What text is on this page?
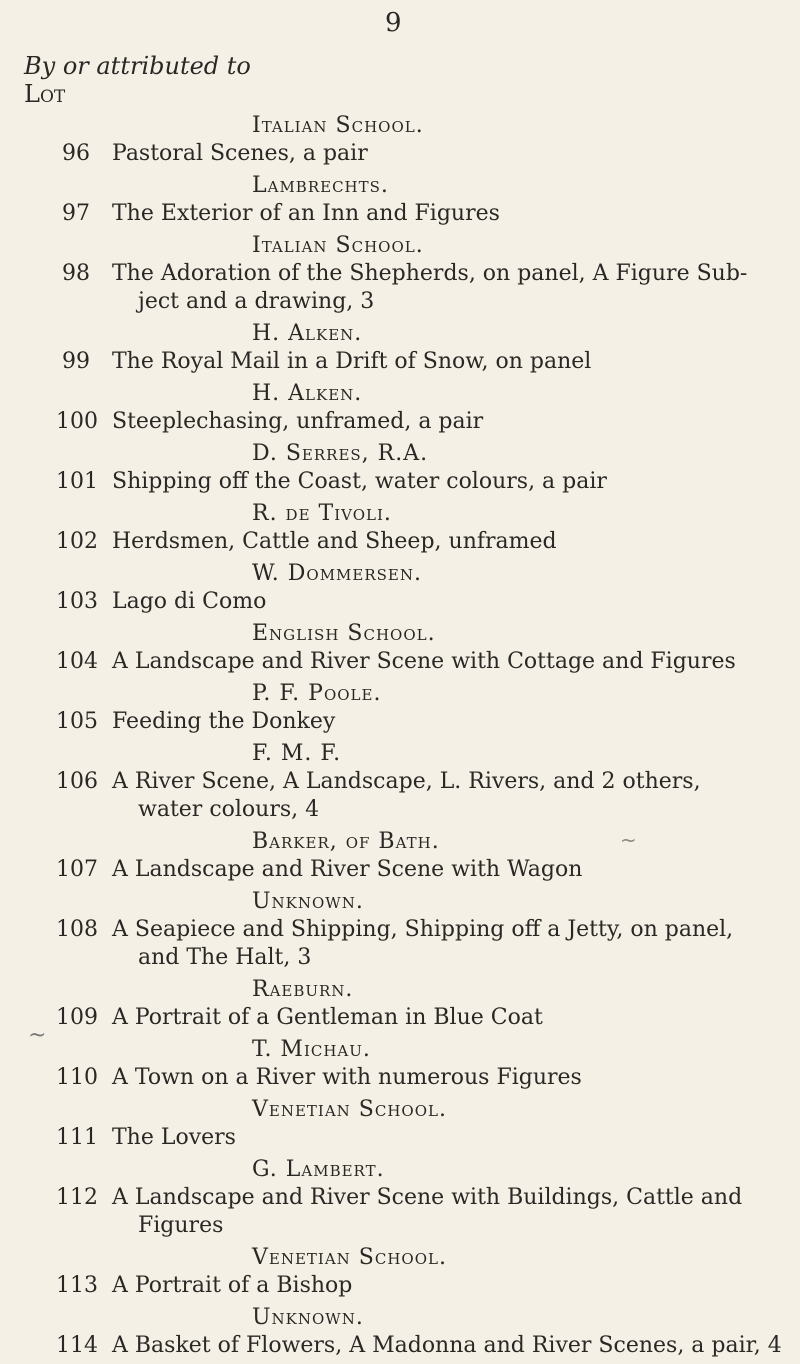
9
By or attributed to
Lot
Italian School.
96 Pastoral Scenes, a pair
Lambrechts.
97 The Exterior of an Inn and Figures
Italian School.
98 The Adoration of the Shepherds, on panel, A Figure Sub-
ject and a drawing, 3
H. Alken.
99 The Royal Mail in a Drift of Snow, on panel
H. Alken.
100 Steeplechasing, unframed, a pair
D. Serres, R.A.
101 Shipping off the Coast, water colours, a pair
R. de Tivoli.
102 Herdsmen, Cattle and Sheep, unframed
W. Dommersen.
103 Lago di Como
English School.
104 A Landscape and River Scene with Cottage and Figures
P. F. Poole.
105 Feeding the Donkey
F. M. F.
106 A River Scene, A Landscape, L. Rivers, and 2 others,
water colours, 4
Barker, of Bath.
107 A Landscape and River Scene with Wagon
Unknown.
108 A Seapiece and Shipping, Shipping off a Jetty, on panel,
and The Halt, 3
Raeburn.
109 A Portrait of a Gentleman in Blue Coat
T. Michau.
110 A Town on a River with numerous Figures
Venetian School.
111 The Lovers
G. Lambert.
112 A Landscape and River Scene with Buildings, Cattle and
Figures
Venetian School.
113 A Portrait of a Bishop
Unknown.
114 A Basket of Flowers, A Madonna and River Scenes, a pair, 4
~
~
